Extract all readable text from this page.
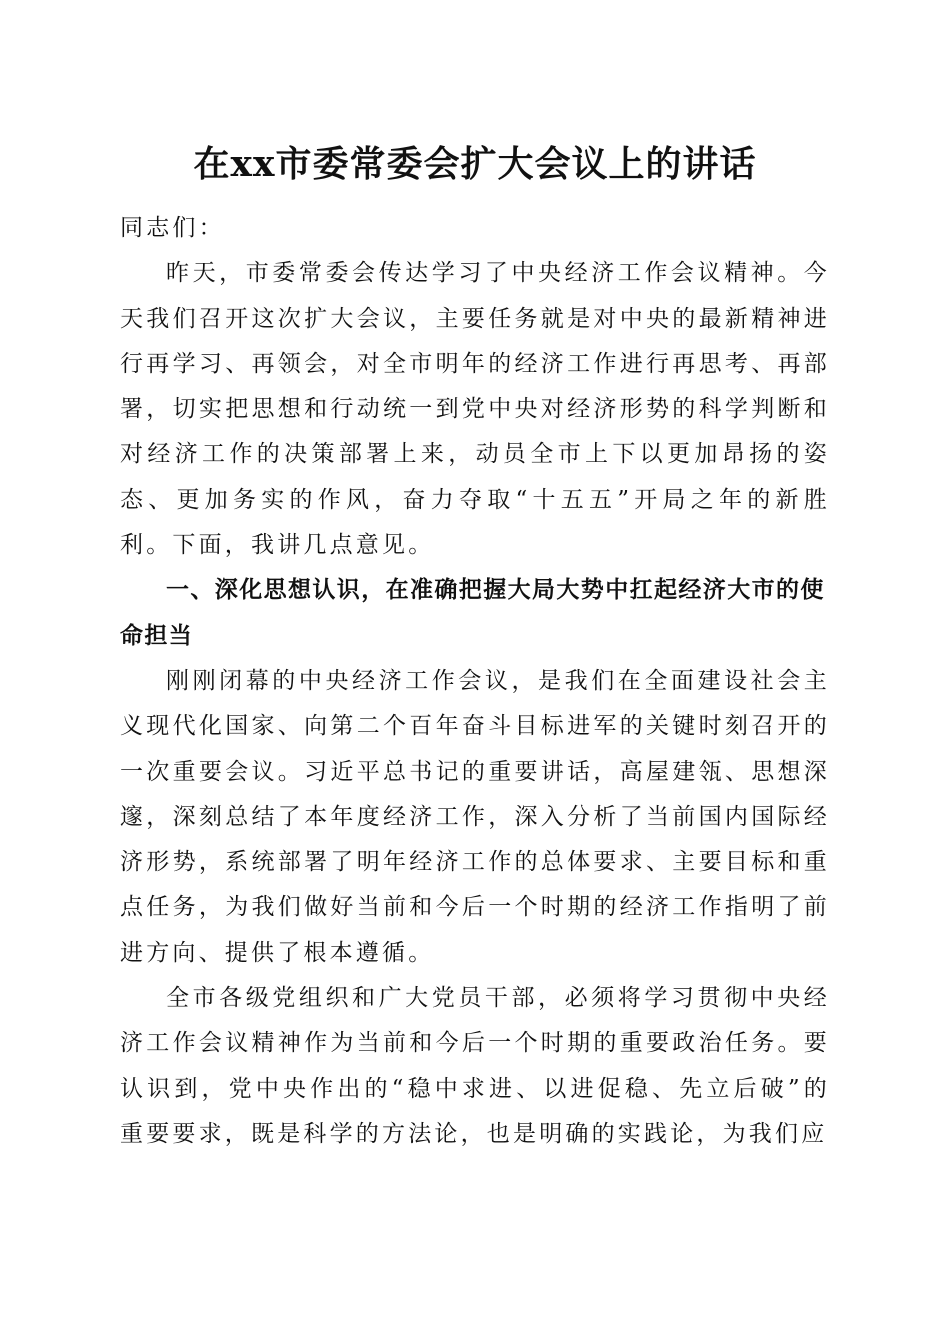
在xx市委常委会扩大会议上的讲话

同志们：

昨天，市委常委会传达学习了中央经济工作会议精神。今天我们召开这次扩大会议，主要任务就是对中央的最新精神进行再学习、再领会，对全市明年的经济工作进行再思考、再部署，切实把思想和行动统一到党中央对经济形势的科学判断和对经济工作的决策部署上来，动员全市上下以更加昂扬的姿态、更加务实的作风，奋力夺取“十五五”开局之年的新胜利。下面，我讲几点意见。

一、深化思想认识，在准确把握大局大势中扛起经济大市的使命担当

刚刚闭幕的中央经济工作会议，是我们在全面建设社会主义现代化国家、向第二个百年奋斗目标进军的关键时刻召开的一次重要会议。习近平总书记的重要讲话，高屋建瓴、思想深邃，深刻总结了本年度经济工作，深入分析了当前国内国际经济形势，系统部署了明年经济工作的总体要求、主要目标和重点任务，为我们做好当前和今后一个时期的经济工作指明了前进方向、提供了根本遵循。

全市各级党组织和广大党员干部，必须将学习贯彻中央经济工作会议精神作为当前和今后一个时期的重要政治任务。要认识到，党中央作出的“稳中求进、以进促稳、先立后破”的重要要求，既是科学的方法论，也是明确的实践论，为我们应
